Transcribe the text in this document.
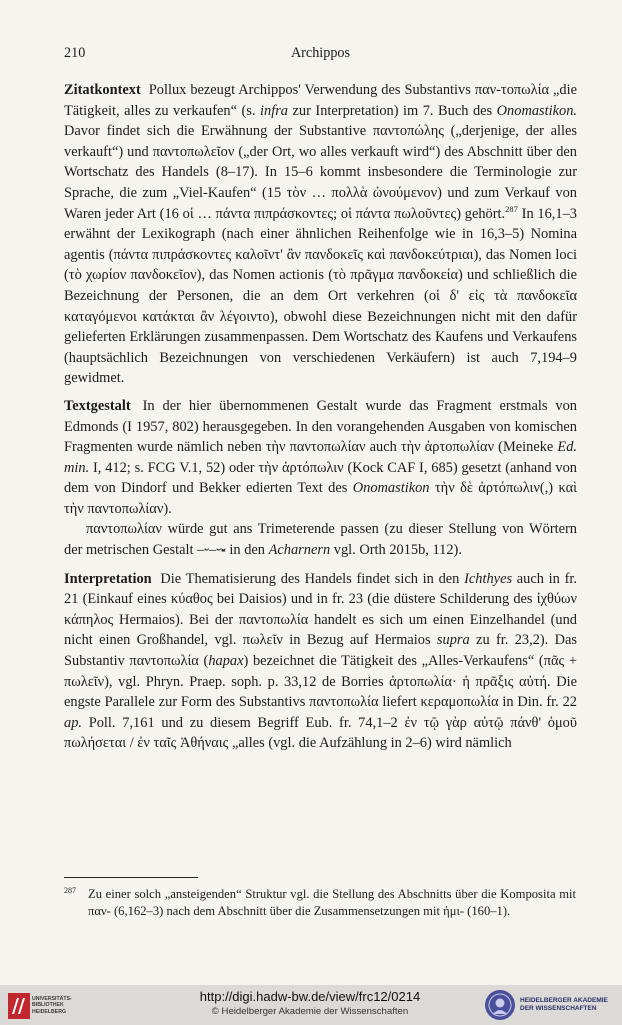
210	Archippos

Zitatkontext Pollux bezeugt Archippos' Verwendung des Substantivs παν-τοπωλία „die Tätigkeit, alles zu verkaufen“ (s. infra zur Interpretation) im 7. Buch des Onomastikon. Davor findet sich die Erwähnung der Substantive παντοπώλης („derjenige, der alles verkauft“) und παντοπωλεῖον („der Ort, wo alles verkauft wird“) des Abschnitt über den Wortschatz des Handels (8–17). In 15–6 kommt insbesondere die Terminologie zur Sprache, die zum „Viel-Kaufen“ (15 τὸν … πολλὰ ὠνούμενον) und zum Verkauf von Waren jeder Art (16 οἱ … πάντα πιπράσκοντες; οἱ πάντα πωλοῦντες) gehört.$^{287}$ In 16,1–3 erwähnt der Lexikograph (nach einer ähnlichen Reihenfolge wie in 16,3–5) Nomina agentis (πάντα πιπράσκοντες καλοῖντ' ἂν πανδοκεῖς καὶ πανδοκεύτριαι), das Nomen loci (τὸ χωρίον πανδοκεῖον), das Nomen actionis (τὸ πρᾶγμα πανδοκεία) und schließlich die Bezeichnung der Personen, die an dem Ort verkehren (οἱ δ' εἰς τὰ πανδοκεῖα καταγόμενοι κατάκται ἂν λέγοιντο), obwohl diese Bezeichnungen nicht mit den dafür gelieferten Erklärungen zusammenpassen. Dem Wortschatz des Kaufens und Verkaufens (hauptsächlich Bezeichnungen von verschiedenen Verkäufern) ist auch 7,194–9 gewidmet.

Textgestalt In der hier übernommenen Gestalt wurde das Fragment erstmals von Edmonds (I 1957, 802) herausgegeben. In den vorangehenden Ausgaben von komischen Fragmenten wurde nämlich neben τὴν παντοπωλίαν auch τὴν ἀρτοπωλίαν (Meineke Ed. min. I, 412; s. FCG V.1, 52) oder τὴν ἀρτόπωλιν (Kock CAF I, 685) gesetzt (anhand von dem von Dindorf und Bekker edierten Text des Onomastikon τὴν δὲ ἀρτόπωλιν(,) καὶ τὴν παντοπωλίαν).

παντοπωλίαν würde gut ans Trimeterende passen (zu dieser Stellung von Wörtern der metrischen Gestalt –⏑–⏑⏓ in den Acharnern vgl. Orth 2015b, 112).

Interpretation Die Thematisierung des Handels findet sich in den Ichthyes auch in fr. 21 (Einkauf eines κύαθος bei Daisios) und in fr. 23 (die düstere Schilderung des ἰχθύων κάπηλος Hermaios). Bei der παντοπωλία handelt es sich um einen Einzelhandel (und nicht einen Großhandel, vgl. πωλεῖν in Bezug auf Hermaios supra zu fr. 23,2). Das Substantiv παντοπωλία (hapax) bezeichnet die Tätigkeit des „Alles-Verkaufens“ (πᾶς + πωλεῖν), vgl. Phryn. Praep. soph. p. 33,12 de Borries ἀρτοπωλία· ἡ πρᾶξις αὐτή. Die engste Parallele zur Form des Substantivs παντοπωλία liefert κεραμοπωλία in Din. fr. 22 ap. Poll. 7,161 und zu diesem Begriff Eub. fr. 74,1–2 ἐν τῷ γὰρ αὐτῷ πάνθ' ὁμοῦ πωλήσεται / ἐν ταῖς Ἀθήναις „alles (vgl. die Aufzählung in 2–6) wird nämlich

287 Zu einer solch „ansteigenden“ Struktur vgl. die Stellung des Abschnitts über die Komposita mit παν- (6,162–3) nach dem Abschnitt über die Zusammensetzungen mit ἡμι- (160–1).
UNIVERSITÄTS-
BIBLIOTHEK
HEIDELBERG
http://digi.hadw-bw.de/view/frc12/0214
© Heidelberger Akademie der Wissenschaften
HEIDELBERGER AKADEMIE
DER WISSENSCHAFTEN
